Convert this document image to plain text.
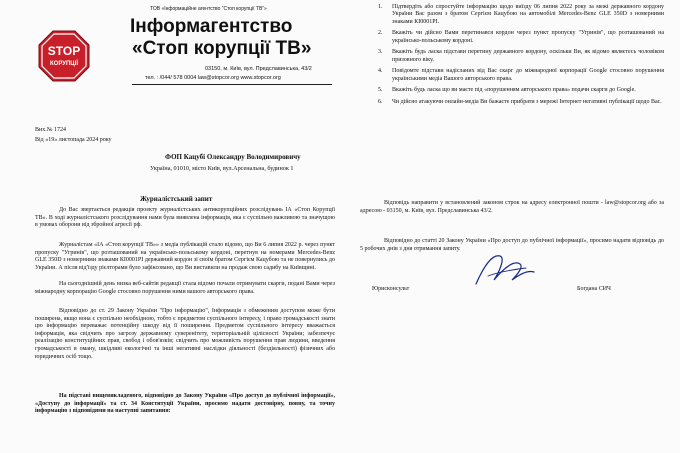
STOP
КОРУПЦІЇ
ТОВ «Інформаційне агентство “Стоп корупції ТВ”»
Інформагентство
«Стоп корупції ТВ»
03150, м. Київ, вул. Предславинська, 43/2
тел. : /044/ 578 0004 law@stopcor.org www.stopcor.org
Вих.№ 1724
Від «19» листопада 2024 року
ФОП Кацубі Олександру Володимировичу
Україна, 01010, місто Київ, вул.Арсенальна, будинок 1
Журналістський запит
До Вас звертається редакція проекту журналістських антикорупційних розслідувань ІА «Стоп Корупції ТВ». В ході журналістського розслідування нами була виявлена інформація, яка є суспільно важливою та значущою в умовах оборони від збройної агресії рф.
Журналістам «ІА «Стоп корупції ТВ»» з медіа публікацій стало відомо, що Ви 6 липня 2022 р. через пункт пропуску "Угринів", що розташований на українсько-польському кордоні, перетнув на номерами Mercedes-Benz GLE 350D з номерними знаками КІ0001РІ державний кордон зі своїм братом Сергієм Кацубою та не повернулись до України. А після від'їзду рієлторами було зафіксовано, що Ви виставили на продаж свою садибу на Київщині.
На сьогоднішній день низка веб-сайтів редакції стала відомо почали отримувати скарги, подані Вами через міжнародну корпорацію Google стосовно порушення ними вашого авторського права.
Відповідно до ст. 29 Закону України "Про інформацію", Інформація з обмеженим доступом може бути поширена, якщо вона є суспільно необхідною, тобто є предметом суспільного інтересу, і право громадськості знати цю інформацію переважає потенційну шкоду від її поширення. Предметом суспільного інтересу вважається інформація, яка свідчить про загрозу державному суверенітету, територіальній цілісності України; забезпечує реалізацію конституційних прав, свобод і обов'язків; свідчить про можливість порушення прав людини, введення громадськості в оману, шкідливі екологічні та інші негативні наслідки діяльності (бездіяльності) фізичних або юридичних осіб тощо.
На підставі вищевикладеного, відповідно до Закону України «Про доступ до публічної інформації», «Доступу до інформації» та ст. 34 Конституції України, просимо надати достовірну, повну, та точну інформацію з відповідями на наступні запитання:
1. Підтвердіть або спростуйте інформацію щодо виїзду 06 липня 2022 року за межі державного кордону України Вас разом з братом Сергієм Кацубою на автомобілі Mercedes-Benz GLE 350D з номерними знаками КІ0001РІ.
2. Вкажіть чи дійсно Вами перетинався кордон через пункт пропуску "Угринів", що розташований на українсько-польському кордоні.
3. Вкажіть будь ласка підстави перетину державного кордону, оскільки Ви, як відомо являєтесь чоловіком призовного віку.
4. Повідомте підстави надісланих від Вас скарг до міжнародної корпорації Google стосовно порушення українськими медіа Вашого авторського права.
5. Вкажіть будь ласка що ви маєте під «порушенням авторського права» подачи скарги до Google.
6. Чи дійсно атакуючи онлайн-медіа Ви бажаєте прибрати з мережі Інтернет негативні публікації щодо Вас.
Відповідь направити у встановлений законом строк на адресу електронної пошти - law@stopcor.org або за адресою - 03150, м. Київ, вул. Предславинська 43/2.
Відповідно до статті 20 Закону України «Про доступ до публічної інформації», просимо надати відповідь до 5 робочих днів з дня отримання запиту.
Юрисконсульт	Богдана СИЧ
